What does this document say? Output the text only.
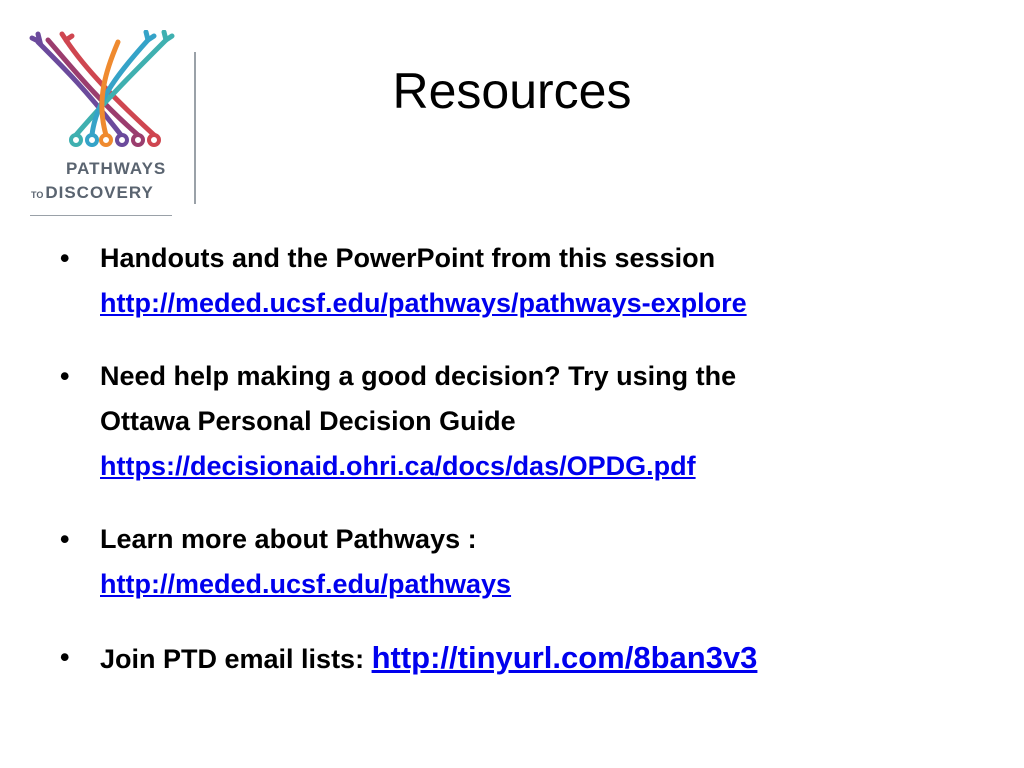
PATHWAYS
TO DISCOVERY
Resources
• Handouts and the PowerPoint from this session
http://meded.ucsf.edu/pathways/pathways-explore
• Need help making a good decision? Try using the
Ottawa Personal Decision Guide
https://decisionaid.ohri.ca/docs/das/OPDG.pdf
• Learn more about Pathways :
http://meded.ucsf.edu/pathways
• Join PTD email lists: http://tinyurl.com/8ban3v3
